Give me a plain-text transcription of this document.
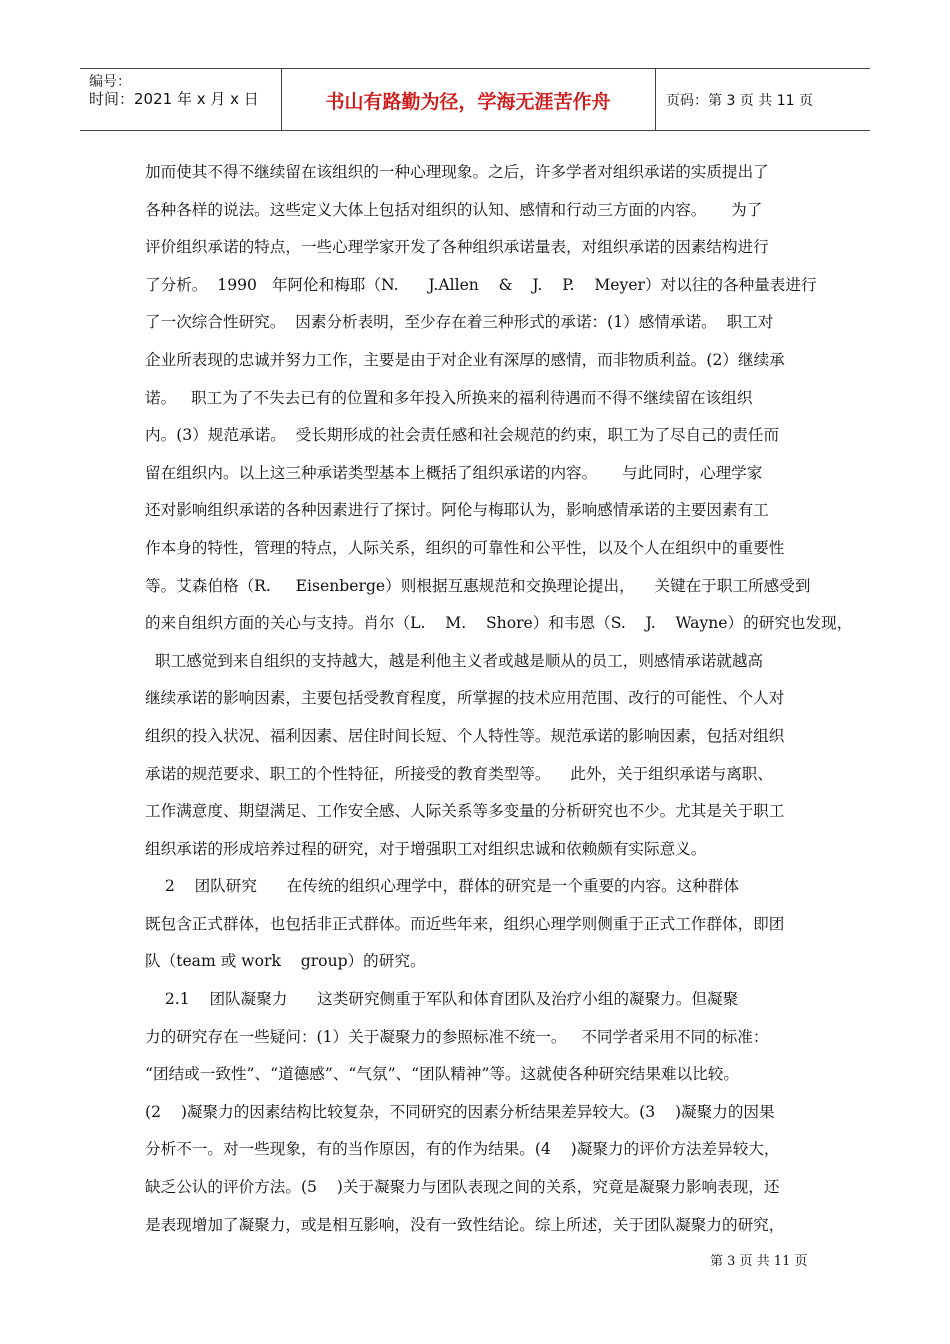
编号：
时间：2021 年 x 月 x 日	书山有路勤为径，学海无涯苦作舟	页码：第 3 页 共 11 页
加而使其不得不继续留在该组织的一种心理现象。之后，许多学者对组织承诺的实质提出了
各种各样的说法。这些定义大体上包括对组织的认知、感情和行动三方面的内容。     为了
评价组织承诺的特点，一些心理学家开发了各种组织承诺量表，对组织承诺的因素结构进行
了分析。  1990   年阿伦和梅耶（N.      J.Allen    &    J.    P.    Meyer）对以往的各种量表进行
了一次综合性研究。  因素分析表明，至少存在着三种形式的承诺：(1）感情承诺。  职工对
企业所表现的忠诚并努力工作，主要是由于对企业有深厚的感情，而非物质利益。(2）继续承
诺。   职工为了不失去已有的位置和多年投入所换来的福利待遇而不得不继续留在该组织
内。(3）规范承诺。  受长期形成的社会责任感和社会规范的约束，职工为了尽自己的责任而
留在组织内。以上这三种承诺类型基本上概括了组织承诺的内容。     与此同时，心理学家
还对影响组织承诺的各种因素进行了探讨。阿伦与梅耶认为，影响感情承诺的主要因素有工
作本身的特性，管理的特点，人际关系，组织的可靠性和公平性，以及个人在组织中的重要性
等。艾森伯格（R.     Eisenberge）则根据互惠规范和交换理论提出，    关键在于职工所感受到
的来自组织方面的关心与支持。肖尔（L.    M.    Shore）和韦恩（S.    J.    Wayne）的研究也发现，
职工感觉到来自组织的支持越大，越是利他主义者或越是顺从的员工，则感情承诺就越高
继续承诺的影响因素，主要包括受教育程度，所掌握的技术应用范围、改行的可能性、个人对
组织的投入状况、福利因素、居住时间长短、个人特性等。规范承诺的影响因素，包括对组织
承诺的规范要求、职工的个性特征，所接受的教育类型等。    此外，关于组织承诺与离职、
工作满意度、期望满足、工作安全感、人际关系等多变量的分析研究也不少。尤其是关于职工
组织承诺的形成培养过程的研究，对于增强职工对组织忠诚和依赖颇有实际意义。
2    团队研究      在传统的组织心理学中，群体的研究是一个重要的内容。这种群体
既包含正式群体，也包括非正式群体。而近些年来，组织心理学则侧重于正式工作群体，即团
队（team 或 work    group）的研究。
2.1    团队凝聚力      这类研究侧重于军队和体育团队及治疗小组的凝聚力。但凝聚
力的研究存在一些疑问：(1）关于凝聚力的参照标准不统一。   不同学者采用不同的标准：
“团结或一致性”、“道德感”、“气氛”、“团队精神”等。这就使各种研究结果难以比较。
(2    )凝聚力的因素结构比较复杂，不同研究的因素分析结果差异较大。(3    )凝聚力的因果
分析不一。对一些现象，有的当作原因，有的作为结果。(4    )凝聚力的评价方法差异较大，
缺乏公认的评价方法。(5    )关于凝聚力与团队表现之间的关系，究竟是凝聚力影响表现，还
是表现增加了凝聚力，或是相互影响，没有一致性结论。综上所述，关于团队凝聚力的研究，
第 3 页 共 11 页
